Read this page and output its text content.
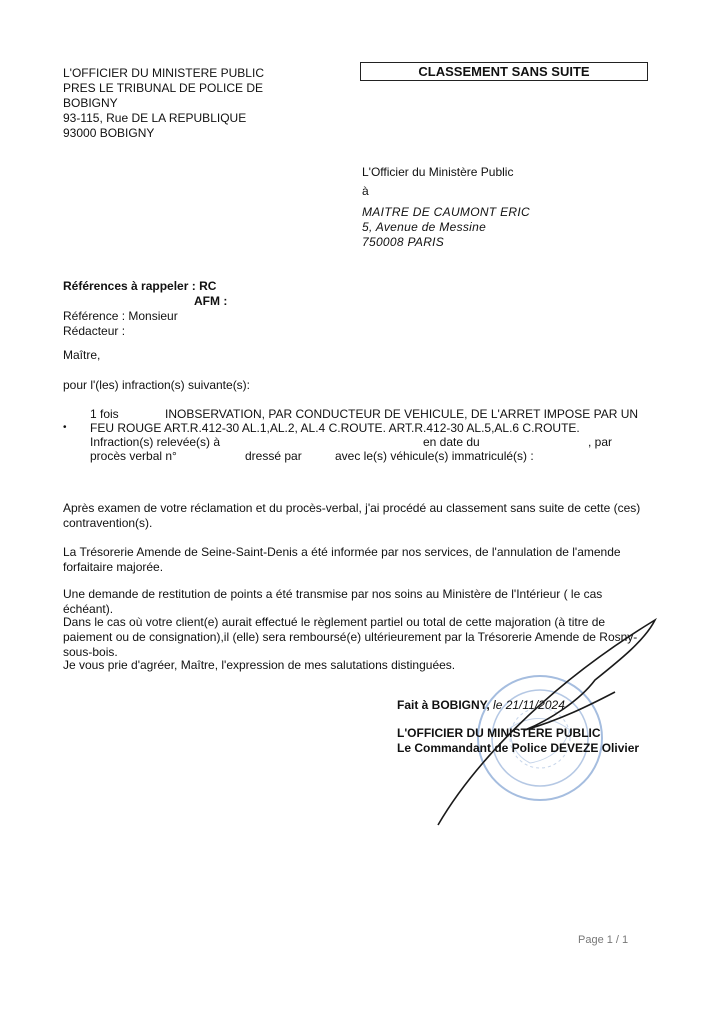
L'OFFICIER DU MINISTERE PUBLIC
PRES LE TRIBUNAL DE POLICE DE
BOBIGNY
93-115, Rue DE LA REPUBLIQUE
93000 BOBIGNY
CLASSEMENT SANS SUITE
L'Officier du Ministère Public
à
MAITRE DE CAUMONT ERIC
5, Avenue de Messine
750008 PARIS
Références à rappeler : RC
AFM :
Référence : Monsieur
Rédacteur :
Maître,
pour l'(les) infraction(s) suivante(s):
•
1 fois	INOBSERVATION, PAR CONDUCTEUR DE VEHICULE, DE L'ARRET IMPOSE PAR UN
FEU ROUGE ART.R.412-30 AL.1,AL.2, AL.4 C.ROUTE. ART.R.412-30 AL.5,AL.6 C.ROUTE.
Infraction(s) relevée(s) à	en date du	, par
procès verbal n°	dressé par	avec le(s) véhicule(s) immatriculé(s) :
Après examen de votre réclamation et du procès-verbal, j'ai procédé au classement sans suite de cette (ces) contravention(s).
La Trésorerie Amende de Seine-Saint-Denis a été informée par nos services, de l'annulation de l'amende forfaitaire majorée.
Une demande de restitution de points a été transmise par nos soins au Ministère de l'Intérieur ( le cas échéant).
Dans le cas où votre client(e) aurait effectué le règlement partiel ou total de cette majoration (à titre de paiement ou de consignation),il (elle) sera remboursé(e) ultérieurement par la Trésorerie Amende de Rosny-sous-bois.
Je vous prie d'agréer, Maître, l'expression de mes salutations distinguées.
Fait à BOBIGNY, le 21/11/2024
L'OFFICIER DU MINISTERE PUBLIC
Le Commandant de Police DEVEZE Olivier
Page 1 / 1
